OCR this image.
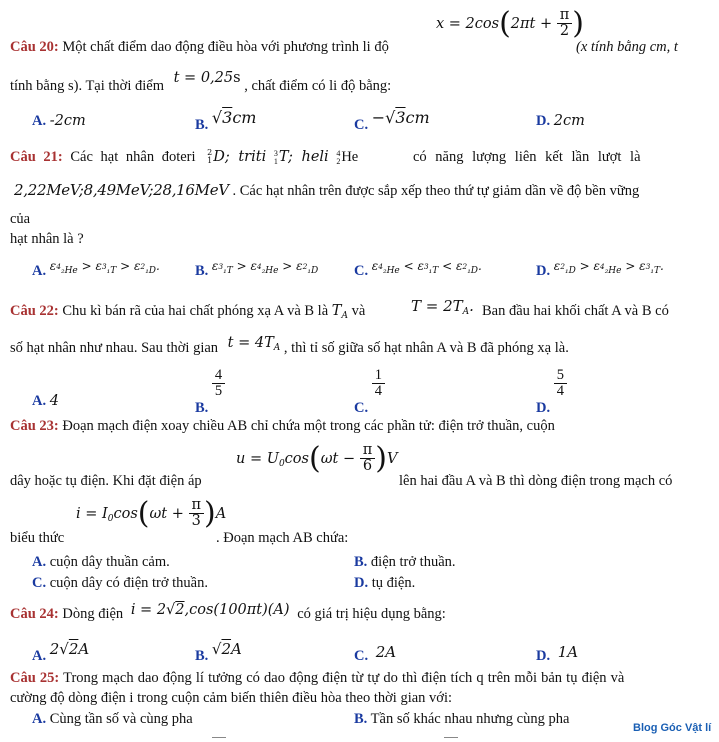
$x = 2\cos(2\pi t + \frac{\pi}{2}$ )
Câu 20: Một chất điểm dao động điều hòa với phương trình li độ	(x tính bằng cm, t
tính bằng s). Tại thời điểm t = 0,25s , chất điểm có li độ bằng:
A. -2cm	B. √3cm	C. −√3cm	D. 2cm
Câu 21: Các hạt nhân đoteri 2
1 D; triti 3
1 T; heli 4
2 He	có năng lượng liên kết lần lượt là
2,22MeV;8,49MeV;28,16MeV . Các hạt nhân trên được sắp xếp theo thứ tự giảm dần về độ bền vững
của
hạt nhân là ?
A. $\varepsilon_{^4_2He} > \varepsilon_{^3_1T} > \varepsilon_{^2_1D}$. B. $\varepsilon_{^3_1T} > \varepsilon_{^4_2He} > \varepsilon_{^2_1D}$ C. $\varepsilon_{^4_2He} < \varepsilon_{^3_1T} < \varepsilon_{^2_1D}$.	D. $\varepsilon_{^2_1D} > \varepsilon_{^4_2He} > \varepsilon_{^3_1T}$.
Câu 22: Chu kì bán rã của hai chất phóng xạ A và B là $T_A$ và	$T = 2T_A$. Ban đầu hai khối chất A và B có
số hạt nhân như nhau. Sau thời gian $t = 4T_A$ , thì tỉ số giữa số hạt nhân A và B đã phóng xạ là.
A. 4	B.
$\frac{4}{5}$
C.
$\frac{1}{4}$
D.
$\frac{5}{4}$
Câu 23: Đoạn mạch điện xoay chiều AB chỉ chứa một trong các phần tử: điện trở thuần, cuộn
$u = U_0\cos(\omega t - \frac{\pi}{6} )V$
dây hoặc tụ điện. Khi đặt điện áp	lên hai đầu A và B thì dòng điện trong mạch có
$i = I_0\cos(\omega t + \frac{\pi}{3} )A$
biểu thức	. Đoạn mạch AB chứa:
A. cuộn dây thuần cảm.	B. điện trở thuần.
C. cuộn dây có điện trở thuần.	D. tụ điện.
Câu 24: Dòng điện i = 2√2,cos(100πt)(A) có giá trị hiệu dụng bằng:
A. 2√2A	B. √2A	C. 2A	D. 1A
Câu 25: Trong mạch dao động lí tưởng có dao động điện từ tự do thì điện tích q trên mỗi bản tụ điện và
cường độ dòng điện i trong cuộn cảm biến thiên điều hòa theo thời gian với:
A. Cùng tần số và cùng pha	B. Tần số khác nhau nhưng cùng pha
Blog Góc Vật lí
